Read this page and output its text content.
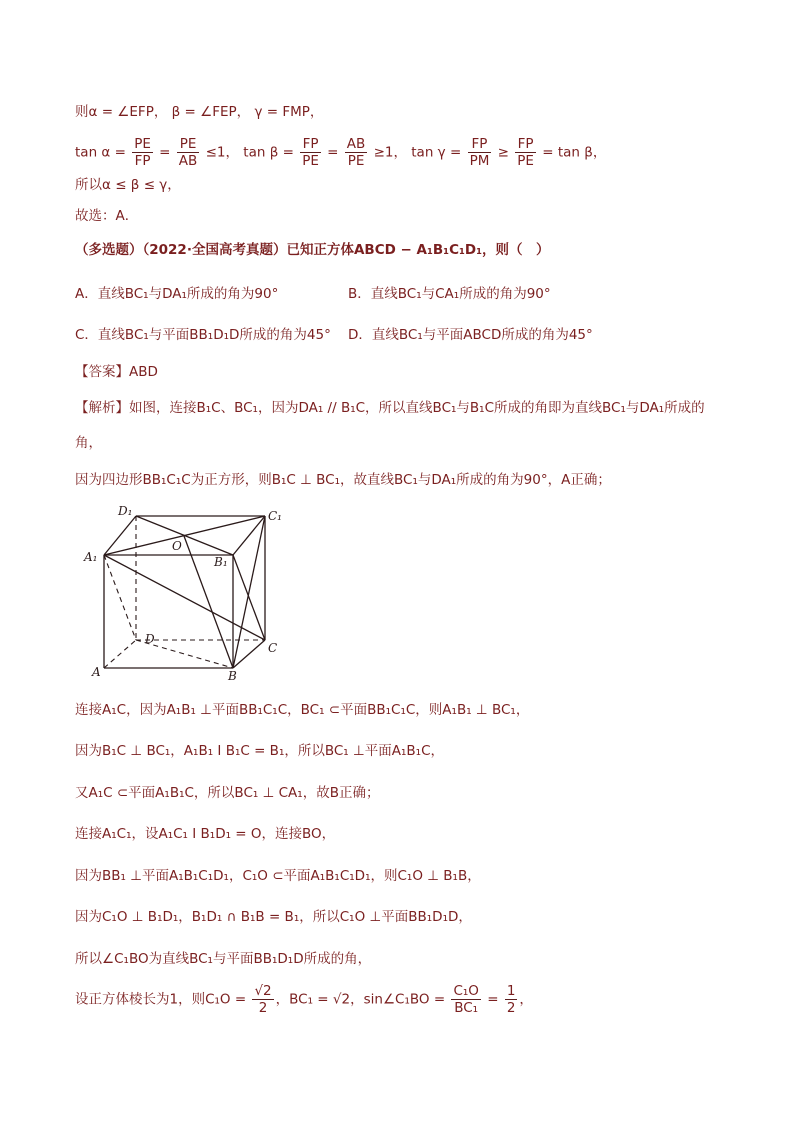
则α = ∠EFP， β = ∠FEP， γ = FMP，
$\tan \alpha = \frac{PE}{FP} = \frac{PE}{AB} \le 1$， $\tan \beta = \frac{FP}{PE} = \frac{AB}{PE} \ge 1$， $\tan \gamma = \frac{FP}{PM} \ge \frac{FP}{PE} = \tan \beta$，
所以α ≤ β ≤ γ，
故选：A．
（多选题）（2022·全国高考真题）已知正方体ABCD − A₁B₁C₁D₁，则（　）
A．直线BC₁与DA₁所成的角为90°	B．直线BC₁与CA₁所成的角为90°
C．直线BC₁与平面BB₁D₁D所成的角为45° D．直线BC₁与平面ABCD所成的角为45°
【答案】ABD
【解析】如图，连接B₁C、BC₁，因为DA₁ // B₁C，所以直线BC₁与B₁C所成的角即为直线BC₁与DA₁所成的
角，
因为四边形BB₁C₁C为正方形，则B₁C ⊥ BC₁，故直线BC₁与DA₁所成的角为90°，A正确；
D₁	C₁
A₁	B₁
O
D
C
A	B
连接A₁C，因为A₁B₁ ⊥平面BB₁C₁C，BC₁ ⊂平面BB₁C₁C，则A₁B₁ ⊥ BC₁，
因为B₁C ⊥ BC₁，A₁B₁ I B₁C = B₁，所以BC₁ ⊥平面A₁B₁C，
又A₁C ⊂平面A₁B₁C，所以BC₁ ⊥ CA₁，故B正确；
连接A₁C₁，设A₁C₁ I B₁D₁ = O，连接BO，
因为BB₁ ⊥平面A₁B₁C₁D₁，C₁O ⊂平面A₁B₁C₁D₁，则C₁O ⊥ B₁B，
因为C₁O ⊥ B₁D₁，B₁D₁ ∩ B₁B = B₁，所以C₁O ⊥平面BB₁D₁D，
所以∠C₁BO为直线BC₁与平面BB₁D₁D所成的角，
设正方体棱长为1，则$C_1O = \frac{√2}{2}$ ，BC₁ = √2，sin∠C₁BO = $\frac{\text{C₁O}}{\text{BC₁}} = \frac{1}{2}$ ，
